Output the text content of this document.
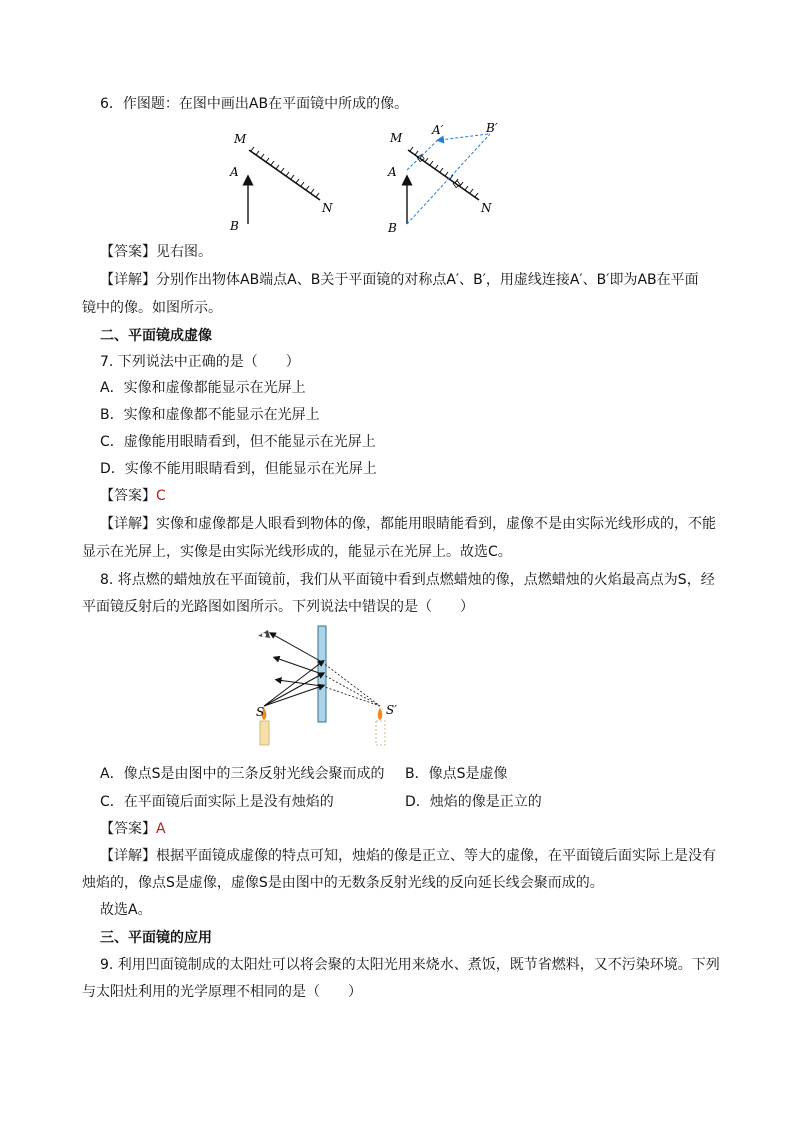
6．作图题：在图中画出AB在平面镜中所成的像。
M
A
B
N
M
A
B
N
A′	B′
【答案】见右图。
【详解】分别作出物体AB端点A、B关于平面镜的对称点A′、B′，用虚线连接A′、B′即为AB在平面
镜中的像。如图所示。
二、平面镜成虚像
7. 下列说法中正确的是（　　）
A．实像和虚像都能显示在光屏上
B．实像和虚像都不能显示在光屏上
C．虚像能用眼睛看到，但不能显示在光屏上
D．实像不能用眼睛看到，但能显示在光屏上
【答案】C
【详解】实像和虚像都是人眼看到物体的像，都能用眼睛能看到，虚像不是由实际光线形成的，不能
显示在光屏上，实像是由实际光线形成的，能显示在光屏上。故选C。
8. 将点燃的蜡烛放在平面镜前，我们从平面镜中看到点燃蜡烛的像，点燃蜡烛的火焰最高点为S，经
平面镜反射后的光路图如图所示。下列说法中错误的是（　　）
S	S′
A．像点S是由图中的三条反射光线会聚而成的 B．像点S是虚像
C．在平面镜后面实际上是没有烛焰的	D．烛焰的像是正立的
【答案】A
【详解】根据平面镜成虚像的特点可知，烛焰的像是正立、等大的虚像，在平面镜后面实际上是没有
烛焰的，像点S是虚像，虚像S是由图中的无数条反射光线的反向延长线会聚而成的。
故选A。
三、平面镜的应用
9. 利用凹面镜制成的太阳灶可以将会聚的太阳光用来烧水、煮饭，既节省燃料，又不污染环境。下列
与太阳灶利用的光学原理不相同的是（　　）
